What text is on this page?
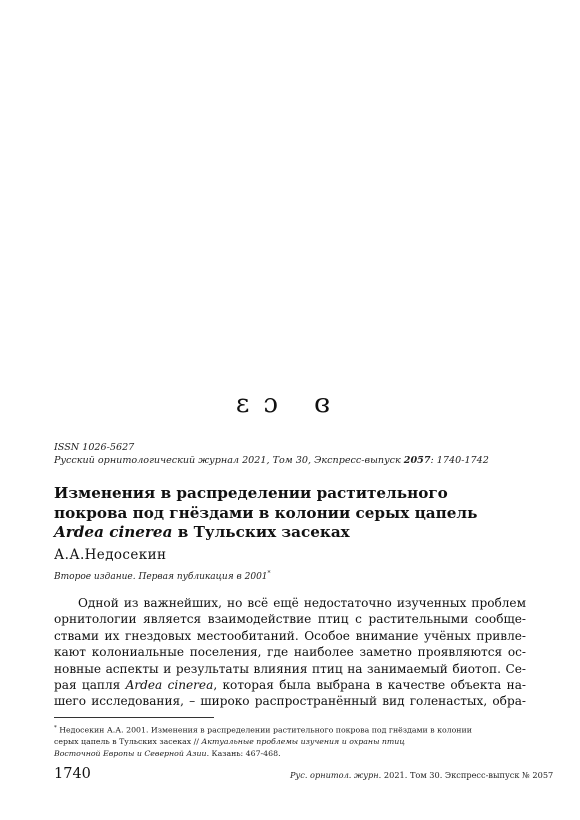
ɛɔ ɞ
ISSN 1026-5627
Русский орнитологический журнал 2021, Том 30, Экспресс-выпуск 2057: 1740-1742
Изменения в распределении растительного
покрова под гнёздами в колонии серых цапель
Ardea cinerea в Тульских засеках
А.А.Недосекин
Второе издание. Первая публикация в 2001*
Одной из важнейших, но всё ещё недостаточно изученных проблем
орнитологии является взаимодействие птиц с растительными сообще-
ствами их гнездовых местообитаний. Особое внимание учёных привле-
кают колониальные поселения, где наиболее заметно проявляются ос-
новные аспекты и результаты влияния птиц на занимаемый биотоп. Се-
рая цапля Ardea cinerea, которая была выбрана в качестве объекта на-
шего исследования, – широко распространённый вид голенастых, обра-
* Недосекин А.А. 2001. Изменения в распределении растительного покрова под гнёздами в колонии
серых цапель в Тульских засеках // Актуальные проблемы изучения и охраны птиц
Восточной Европы и Северной Азии. Казань: 467-468.
1740	Рус. орнитол. журн. 2021. Том 30. Экспресс-выпуск № 2057
